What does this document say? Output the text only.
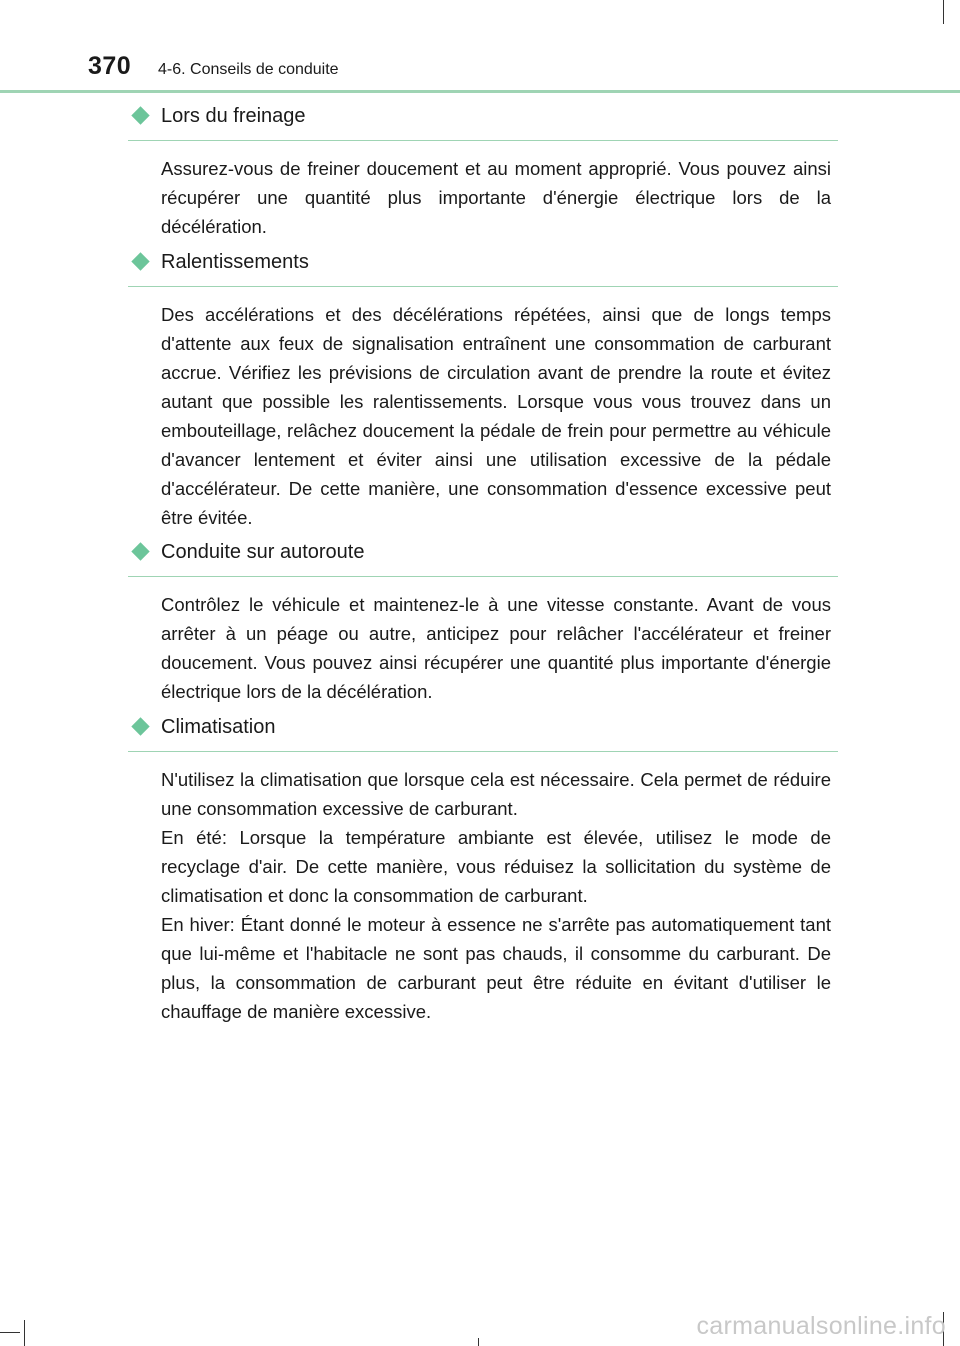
370 4-6. Conseils de conduite
Lors du freinage

Assurez-vous de freiner doucement et au moment approprié. Vous pouvez ainsi récupérer une quantité plus importante d'énergie électrique lors de la décélération.

Ralentissements

Des accélérations et des décélérations répétées, ainsi que de longs temps d'attente aux feux de signalisation entraînent une consommation de carburant accrue. Vérifiez les prévisions de circulation avant de prendre la route et évitez autant que possible les ralentissements. Lorsque vous vous trouvez dans un embouteillage, relâchez doucement la pédale de frein pour permettre au véhicule d'avancer lentement et éviter ainsi une utilisation excessive de la pédale d'accélérateur. De cette manière, une consommation d'essence excessive peut être évitée.

Conduite sur autoroute

Contrôlez le véhicule et maintenez-le à une vitesse constante. Avant de vous arrêter à un péage ou autre, anticipez pour relâcher l'accélérateur et freiner doucement. Vous pouvez ainsi récupérer une quantité plus importante d'énergie électrique lors de la décélération.

Climatisation

N'utilisez la climatisation que lorsque cela est nécessaire. Cela permet de réduire une consommation excessive de carburant.

En été: Lorsque la température ambiante est élevée, utilisez le mode de recyclage d'air. De cette manière, vous réduisez la sollicitation du système de climatisation et donc la consommation de carburant.

En hiver: Étant donné le moteur à essence ne s'arrête pas automatiquement tant que lui-même et l'habitacle ne sont pas chauds, il consomme du carburant. De plus, la consommation de carburant peut être réduite en évitant d'utiliser le chauffage de manière excessive.

carmanualsonline.info
